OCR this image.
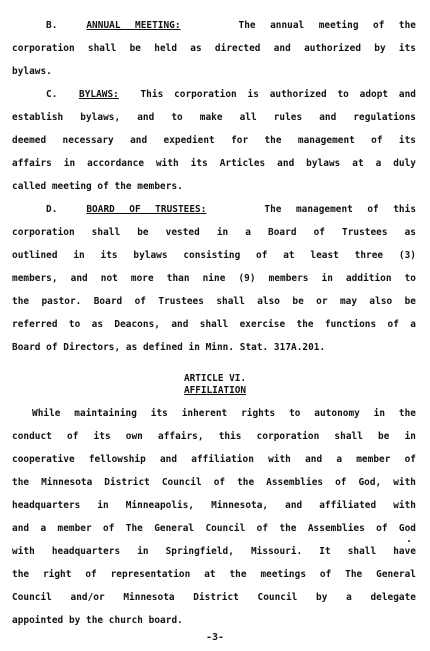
B.	ANNUAL MEETING:	The annual meeting of the
corporation shall be held as directed and authorized by its
bylaws.
C. BYLAWS: This corporation is authorized to adopt and
establish bylaws, and to make all rules and regulations
deemed necessary and expedient for the management of its
affairs in accordance with its Articles and bylaws at a duly
called meeting of the members.
D.	BOARD OF TRUSTEES:	The management of this
corporation shall be vested in a Board of Trustees as
outlined in its bylaws consisting of at least three (3)
members, and not more than nine (9) members in addition to
the pastor. Board of Trustees shall also be or may also be
referred to as Deacons, and shall exercise the functions of a
Board of Directors, as defined in Minn. Stat. 317A.201.
ARTICLE VI.
AFFILIATION
While maintaining its inherent rights to autonomy in the
conduct of its own affairs, this corporation shall be in
cooperative fellowship and affiliation with and a member of
the Minnesota District Council of the Assemblies of God, with
headquarters in Minneapolis, Minnesota, and affiliated with
and a member of The General Council of the Assemblies of God
with headquarters in Springfield, Missouri. It shall have
the right of representation at the meetings of The General
Council and/or Minnesota District Council by a delegate
appointed by the church board.
-3-
